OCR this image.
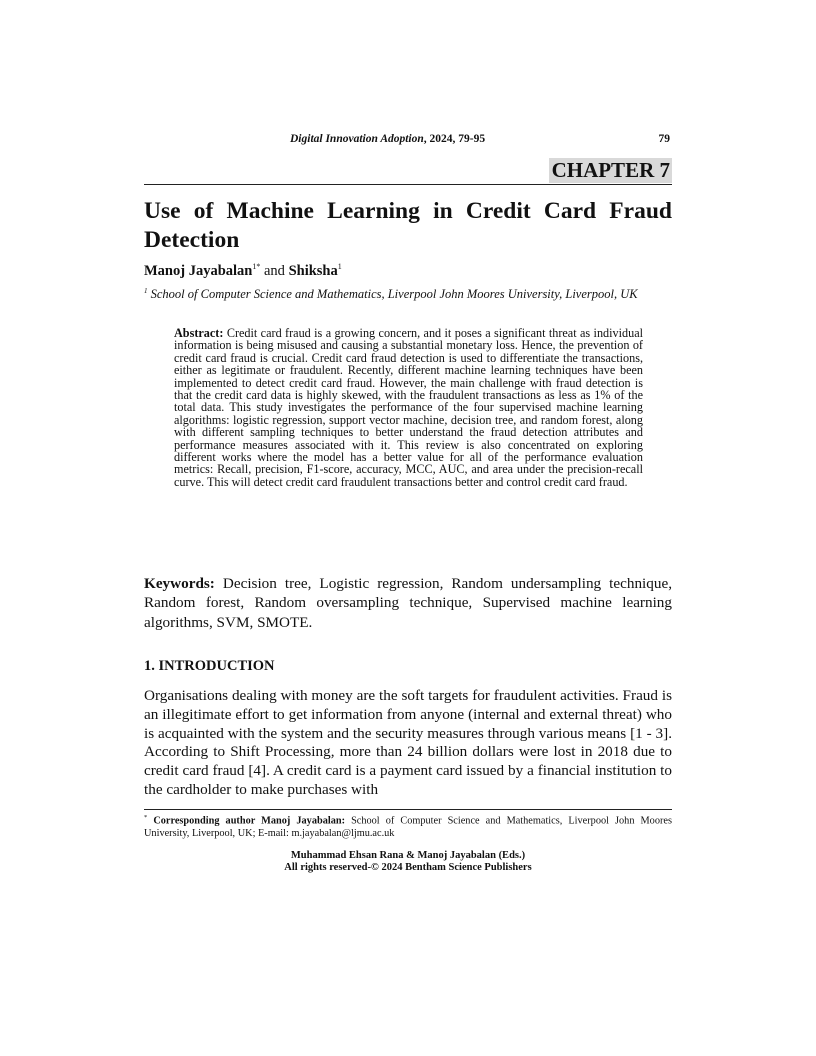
Digital Innovation Adoption, 2024, 79-95	79
CHAPTER 7
Use of Machine Learning in Credit Card Fraud Detection
Manoj Jayabalan$^{1*}$ and Shiksha$^1$
$^1$ School of Computer Science and Mathematics, Liverpool John Moores University, Liverpool, UK

Abstract: Credit card fraud is a growing concern, and it poses a significant threat as individual information is being misused and causing a substantial monetary loss. Hence, the prevention of credit card fraud is crucial. Credit card fraud detection is used to differentiate the transactions, either as legitimate or fraudulent. Recently, different machine learning techniques have been implemented to detect credit card fraud. However, the main challenge with fraud detection is that the credit card data is highly skewed, with the fraudulent transactions as less as 1% of the total data. This study investigates the performance of the four supervised machine learning algorithms: logistic regression, support vector machine, decision tree, and random forest, along with different sampling techniques to better understand the fraud detection attributes and performance measures associated with it. This review is also concentrated on exploring different works where the model has a better value for all of the performance evaluation metrics: Recall, precision, F1-score, accuracy, MCC, AUC, and area under the precision-recall curve. This will detect credit card fraudulent transactions better and control credit card fraud.

Keywords: Decision tree, Logistic regression, Random undersampling technique, Random forest, Random oversampling technique, Supervised machine learning algorithms, SVM, SMOTE.

1. INTRODUCTION

Organisations dealing with money are the soft targets for fraudulent activities. Fraud is an illegitimate effort to get information from anyone (internal and external threat) who is acquainted with the system and the security measures through various means [1 - 3]. According to Shift Processing, more than 24 billion dollars were lost in 2018 due to credit card fraud [4]. A credit card is a payment card issued by a financial institution to the cardholder to make purchases with

* Corresponding author Manoj Jayabalan: School of Computer Science and Mathematics, Liverpool John Moores University, Liverpool, UK; E-mail: m.jayabalan@ljmu.ac.uk

Muhammad Ehsan Rana & Manoj Jayabalan (Eds.)
All rights reserved-© 2024 Bentham Science Publishers
